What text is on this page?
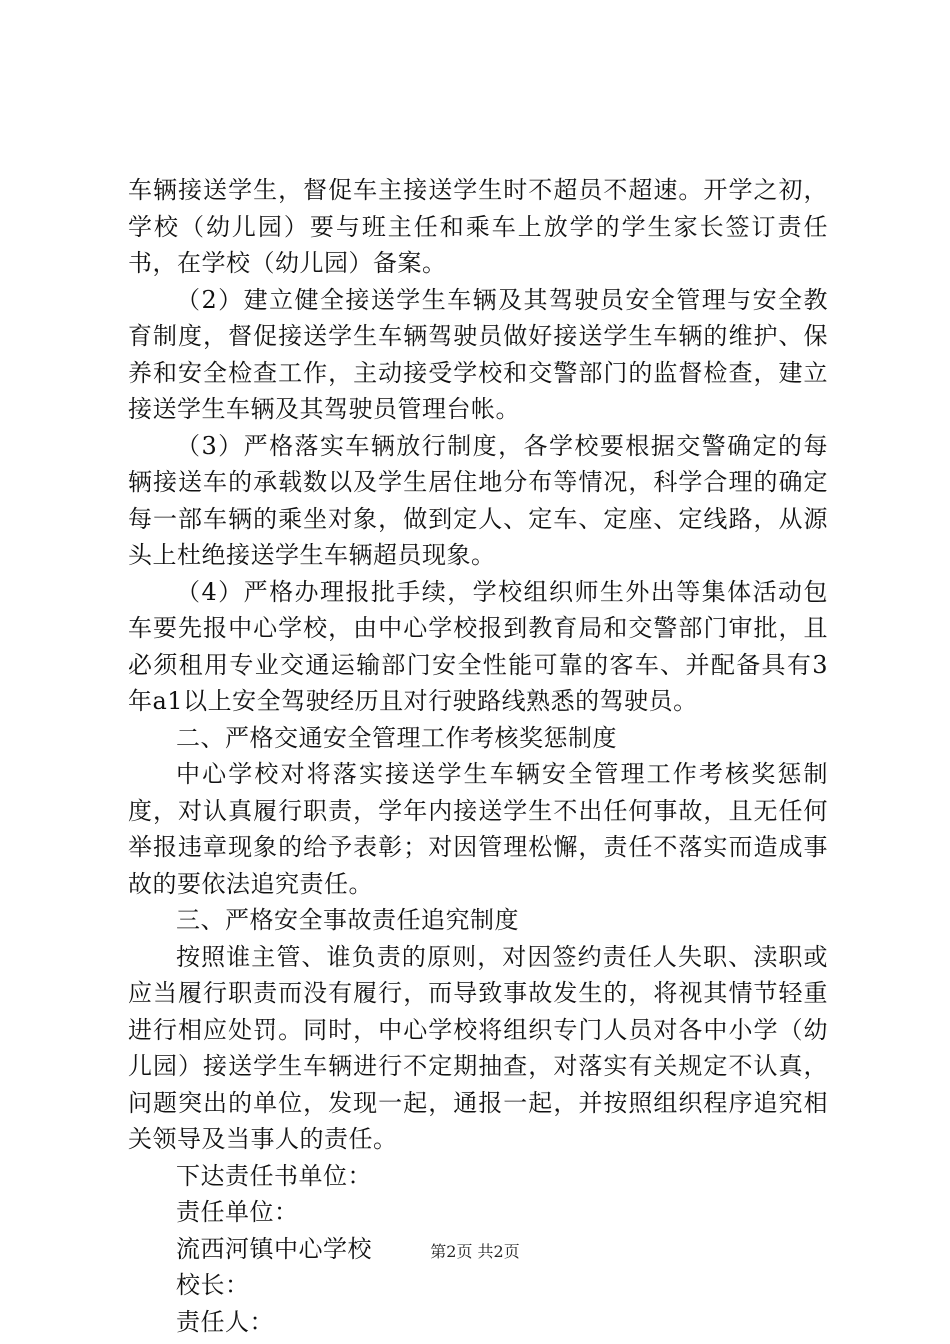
车辆接送学生，督促车主接送学生时不超员不超速。开学之初，学校（幼儿园）要与班主任和乘车上放学的学生家长签订责任书，在学校（幼儿园）备案。

（2）建立健全接送学生车辆及其驾驶员安全管理与安全教育制度，督促接送学生车辆驾驶员做好接送学生车辆的维护、保养和安全检查工作，主动接受学校和交警部门的监督检查，建立接送学生车辆及其驾驶员管理台帐。

（3）严格落实车辆放行制度，各学校要根据交警确定的每辆接送车的承载数以及学生居住地分布等情况，科学合理的确定每一部车辆的乘坐对象，做到定人、定车、定座、定线路，从源头上杜绝接送学生车辆超员现象。

（4）严格办理报批手续，学校组织师生外出等集体活动包车要先报中心学校，由中心学校报到教育局和交警部门审批，且必须租用专业交通运输部门安全性能可靠的客车、并配备具有3年a1以上安全驾驶经历且对行驶路线熟悉的驾驶员。

二、严格交通安全管理工作考核奖惩制度

中心学校对将落实接送学生车辆安全管理工作考核奖惩制度，对认真履行职责，学年内接送学生不出任何事故，且无任何举报违章现象的给予表彰；对因管理松懈，责任不落实而造成事故的要依法追究责任。

三、严格安全事故责任追究制度

按照谁主管、谁负责的原则，对因签约责任人失职、渎职或应当履行职责而没有履行，而导致事故发生的，将视其情节轻重进行相应处罚。同时，中心学校将组织专门人员对各中小学（幼儿园）接送学生车辆进行不定期抽查，对落实有关规定不认真，问题突出的单位，发现一起，通报一起，并按照组织程序追究相关领导及当事人的责任。

下达责任书单位：

责任单位：

流西河镇中心学校

校长：

责任人：

第2页 共2页
